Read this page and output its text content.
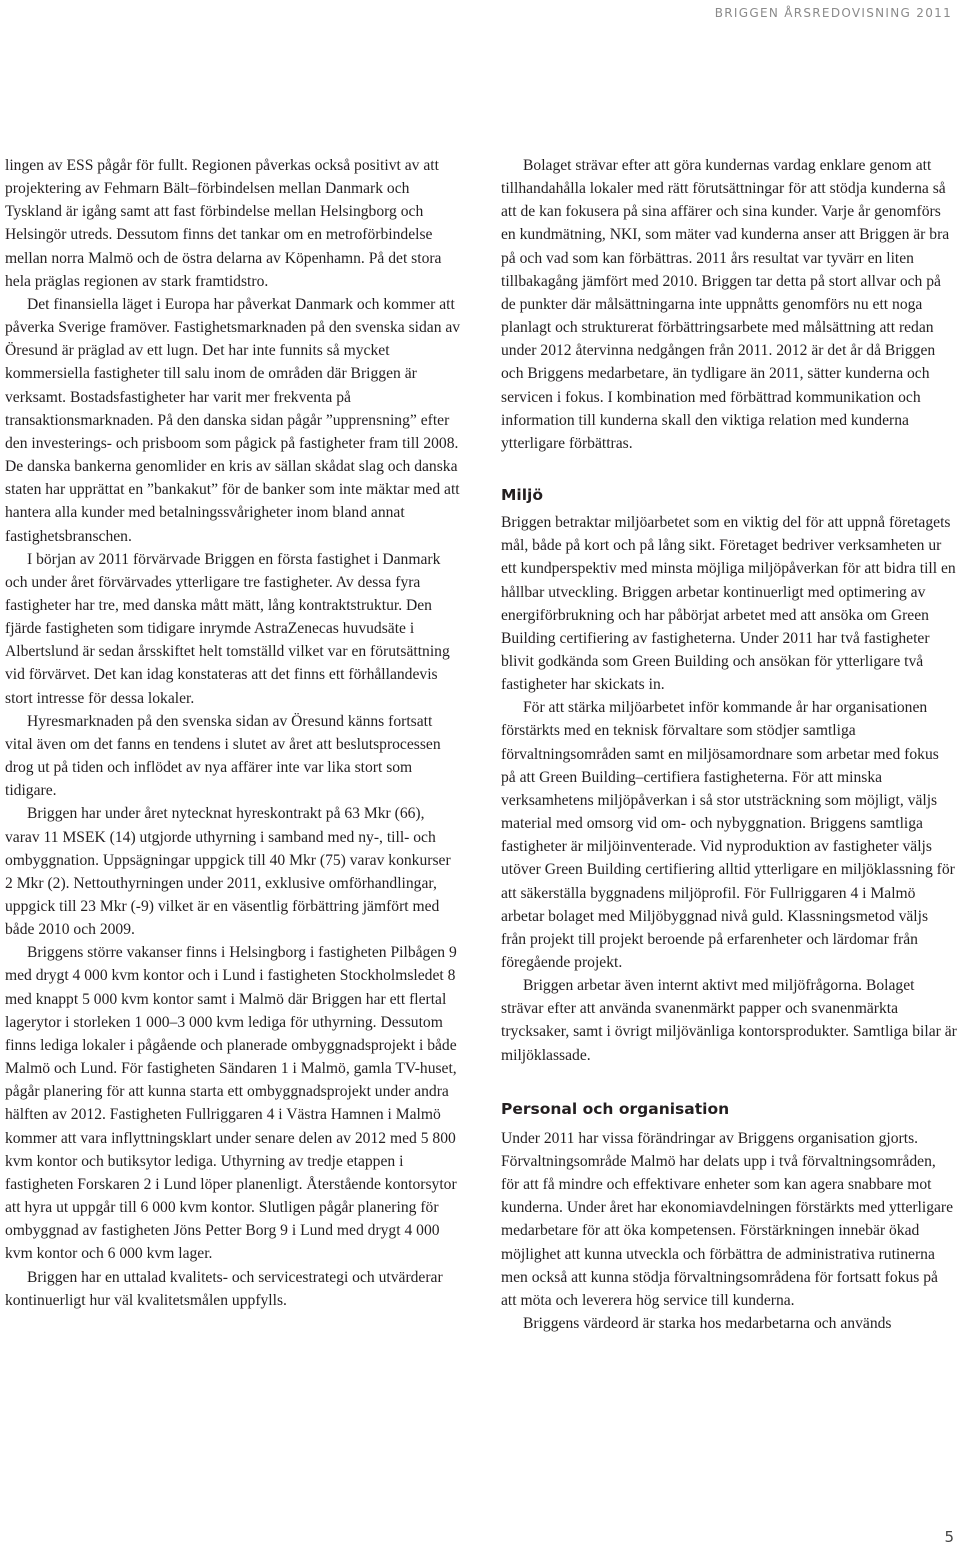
BRIGGEN ÅRSREDOVISNING 2011

lingen av ESS pågår för fullt. Regionen påverkas också positivt av att projektering av Fehmarn Bält–förbindelsen mellan Danmark och Tyskland är igång samt att fast förbindelse mellan Helsingborg och Helsingör utreds. Dessutom finns det tankar om en metroförbindelse mellan norra Malmö och de östra delarna av Köpenhamn. På det stora hela präglas regionen av stark framtidstro.

Det finansiella läget i Europa har påverkat Danmark och kommer att påverka Sverige framöver. Fastighetsmarknaden på den svenska sidan av Öresund är präglad av ett lugn. Det har inte funnits så mycket kommersiella fastigheter till salu inom de områden där Briggen är verksamt. Bostadsfastigheter har varit mer frekventa på transaktionsmarknaden. På den danska sidan pågår ”upprensning” efter den investerings- och prisboom som pågick på fastigheter fram till 2008. De danska bankerna genomlider en kris av sällan skådat slag och danska staten har upprättat en ”bankakut” för de banker som inte mäktar med att hantera alla kunder med betalningssvårigheter inom bland annat fastighetsbranschen.

I början av 2011 förvärvade Briggen en första fastighet i Danmark och under året förvärvades ytterligare tre fastigheter. Av dessa fyra fastigheter har tre, med danska mått mätt, lång kontraktstruktur. Den fjärde fastigheten som tidigare inrymde AstraZenecas huvudsäte i Albertslund är sedan årsskiftet helt tomställd vilket var en förutsättning vid förvärvet. Det kan idag konstateras att det finns ett förhållandevis stort intresse för dessa lokaler.

Hyresmarknaden på den svenska sidan av Öresund känns fortsatt vital även om det fanns en tendens i slutet av året att beslutsprocessen drog ut på tiden och inflödet av nya affärer inte var lika stort som tidigare.

Briggen har under året nytecknat hyreskontrakt på 63 Mkr (66), varav 11 MSEK (14) utgjorde uthyrning i samband med ny-, till- och ombyggnation. Uppsägningar uppgick till 40 Mkr (75) varav konkurser 2 Mkr (2). Nettouthyrningen under 2011, exklusive omförhandlingar, uppgick till 23 Mkr (-9) vilket är en väsentlig förbättring jämfört med både 2010 och 2009.

Briggens större vakanser finns i Helsingborg i fastigheten Pilbågen 9 med drygt 4 000 kvm kontor och i Lund i fastigheten Stockholmsledet 8 med knappt 5 000 kvm kontor samt i Malmö där Briggen har ett flertal lagerytor i storleken 1 000–3 000 kvm lediga för uthyrning. Dessutom finns lediga lokaler i pågående och planerade ombyggnadsprojekt i både Malmö och Lund. För fastigheten Sändaren 1 i Malmö, gamla TV-huset, pågår planering för att kunna starta ett ombyggnadsprojekt under andra hälften av 2012. Fastigheten Fullriggaren 4 i Västra Hamnen i Malmö kommer att vara inflyttningsklart under senare delen av 2012 med 5 800 kvm kontor och butiksytor lediga. Uthyrning av tredje etappen i fastigheten Forskaren 2 i Lund löper planenligt. Återstående kontorsytor att hyra ut uppgår till 6 000 kvm kontor. Slutligen pågår planering för ombyggnad av fastigheten Jöns Petter Borg 9 i Lund med drygt 4 000 kvm kontor och 6 000 kvm lager.

Briggen har en uttalad kvalitets- och servicestrategi och utvärderar kontinuerligt hur väl kvalitetsmålen uppfylls.

Bolaget strävar efter att göra kundernas vardag enklare genom att tillhandahålla lokaler med rätt förutsättningar för att stödja kunderna så att de kan fokusera på sina affärer och sina kunder. Varje år genomförs en kundmätning, NKI, som mäter vad kunderna anser att Briggen är bra på och vad som kan förbättras. 2011 års resultat var tyvärr en liten tillbakagång jämfört med 2010. Briggen tar detta på stort allvar och på de punkter där målsättningarna inte uppnåtts genomförs nu ett noga planlagt och strukturerat förbättringsarbete med målsättning att redan under 2012 återvinna nedgången från 2011. 2012 är det år då Briggen och Briggens medarbetare, än tydligare än 2011, sätter kunderna och servicen i fokus. I kombination med förbättrad kommunikation och information till kunderna skall den viktiga relation med kunderna ytterligare förbättras.

Miljö

Briggen betraktar miljöarbetet som en viktig del för att uppnå företagets mål, både på kort och på lång sikt. Företaget bedriver verksamheten ur ett kundperspektiv med minsta möjliga miljöpåverkan för att bidra till en hållbar utveckling. Briggen arbetar kontinuerligt med optimering av energiförbrukning och har påbörjat arbetet med att ansöka om Green Building certifiering av fastigheterna. Under 2011 har två fastigheter blivit godkända som Green Building och ansökan för ytterligare två fastigheter har skickats in.

För att stärka miljöarbetet inför kommande år har organisationen förstärkts med en teknisk förvaltare som stödjer samtliga förvaltningsområden samt en miljösamordnare som arbetar med fokus på att Green Building–certifiera fastigheterna. För att minska verksamhetens miljöpåverkan i så stor utsträckning som möjligt, väljs material med omsorg vid om- och nybyggnation. Briggens samtliga fastigheter är miljöinventerade. Vid nyproduktion av fastigheter väljs utöver Green Building certifiering alltid ytterligare en miljöklassning för att säkerställa byggnadens miljöprofil. För Fullriggaren 4 i Malmö arbetar bolaget med Miljöbyggnad nivå guld. Klassningsmetod väljs från projekt till projekt beroende på erfarenheter och lärdomar från föregående projekt.

Briggen arbetar även internt aktivt med miljöfrågorna. Bolaget strävar efter att använda svanenmärkt papper och svanenmärkta trycksaker, samt i övrigt miljövänliga kontorsprodukter. Samtliga bilar är miljöklassade.

Personal och organisation

Under 2011 har vissa förändringar av Briggens organisation gjorts. Förvaltningsområde Malmö har delats upp i två förvaltningsområden, för att få mindre och effektivare enheter som kan agera snabbare mot kunderna. Under året har ekonomiavdelningen förstärkts med ytterligare medarbetare för att öka kompetensen. Förstärkningen innebär ökad möjlighet att kunna utveckla och förbättra de administrativa rutinerna men också att kunna stödja förvaltningsområdena för fortsatt fokus på att möta och leverera hög service till kunderna.

Briggens värdeord är starka hos medarbetarna och används

5
